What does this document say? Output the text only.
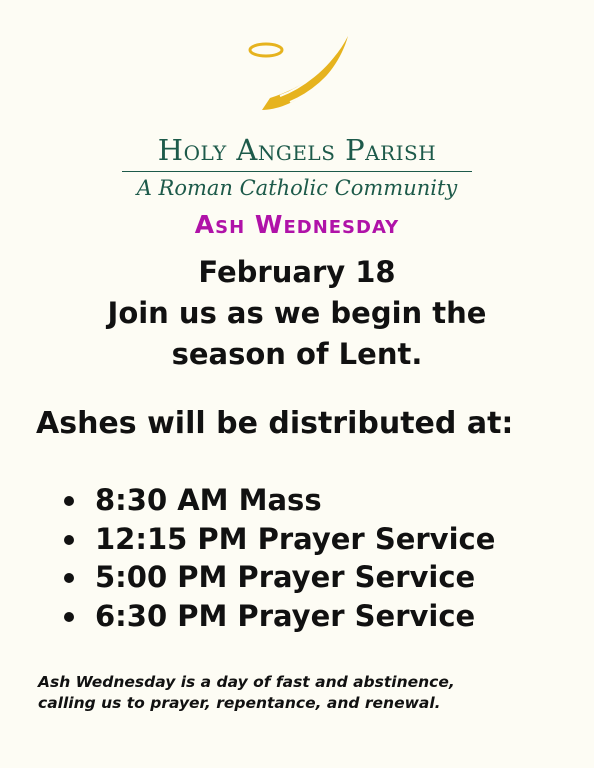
Holy Angels Parish
A Roman Catholic Community
Ash Wednesday
February 18
Join us as we begin the
season of Lent.
Ashes will be distributed at:
8:30 AM Mass
12:15 PM Prayer Service
5:00 PM Prayer Service
6:30 PM Prayer Service
Ash Wednesday is a day of fast and abstinence,
calling us to prayer, repentance, and renewal.
